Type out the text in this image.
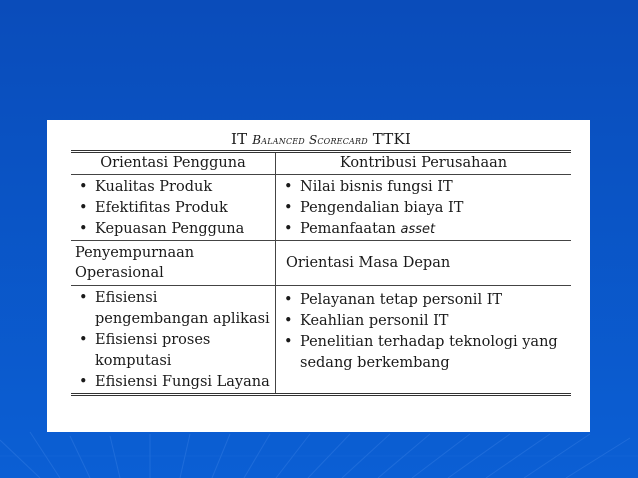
IT Balanced Scorecard TTKI
Orientasi Pengguna	Kontribusi Perusahaan
• Kualitas Produk
• Efektifitas Produk
• Kepuasan Pengguna
• Nilai bisnis fungsi IT
• Pengendalian biaya IT
• Pemanfaatan asset
Penyempurnaan Operasional
Orientasi Masa Depan
• Efisiensi pengembangan aplikasi
• Efisiensi proses komputasi
• Efisiensi Fungsi Layana
• Pelayanan tetap personil IT
• Keahlian personil IT
• Penelitian terhadap teknologi yang sedang berkembang
